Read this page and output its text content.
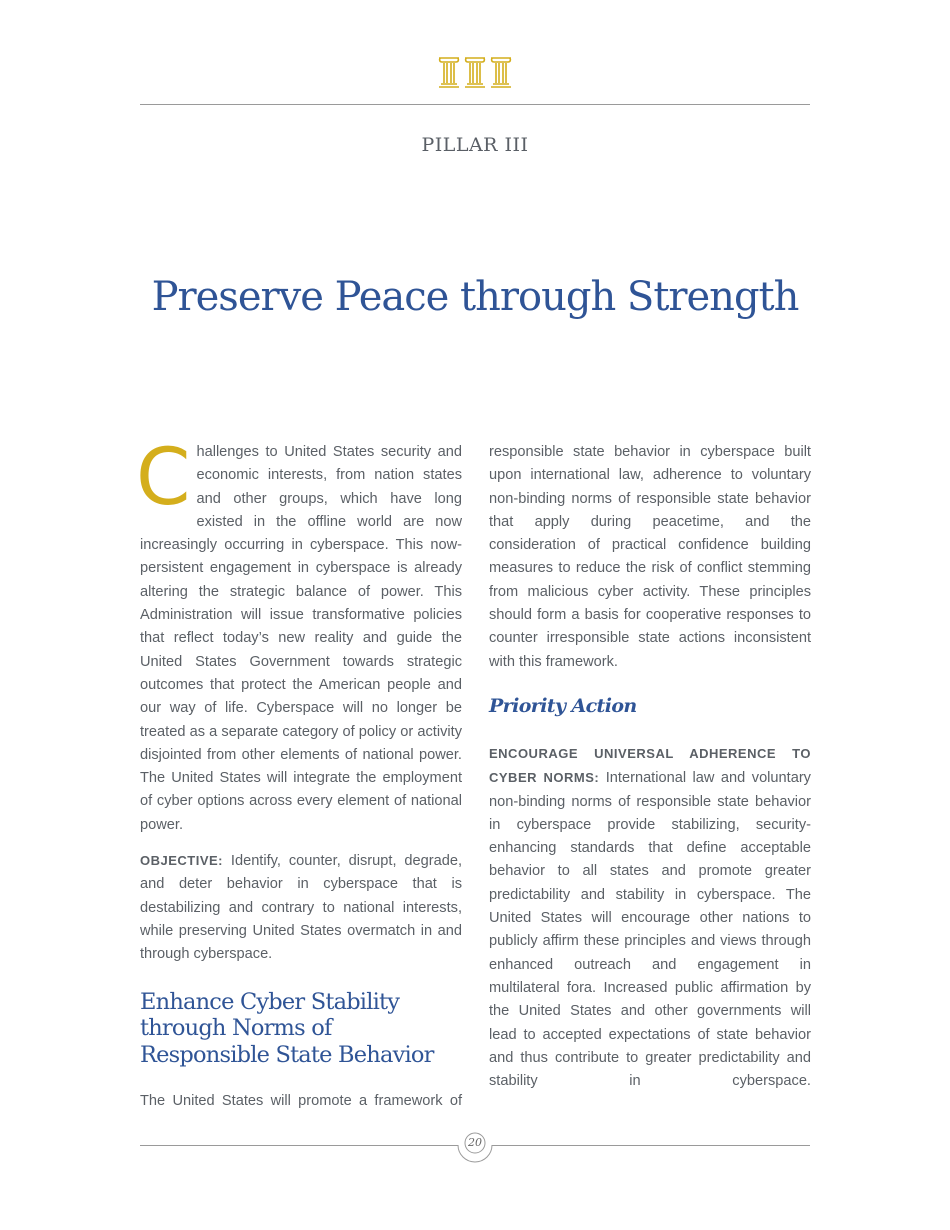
PILLAR III
Preserve Peace through Strength

Challenges to United States security and economic interests, from nation states and other groups, which have long existed in the offline world are now increasingly occurring in cyberspace. This now-persistent engagement in cyberspace is already altering the strategic balance of power. This Administration will issue transformative policies that reflect today’s new reality and guide the United States Government towards strategic outcomes that protect the American people and our way of life. Cyberspace will no longer be treated as a separate category of policy or activity disjointed from other elements of national power. The United States will integrate the employment of cyber options across every element of national power.

OBJECTIVE: Identify, counter, disrupt, degrade, and deter behavior in cyberspace that is destabilizing and contrary to national interests, while preserving United States overmatch in and through cyberspace.

Enhance Cyber Stability through Norms of Responsible State Behavior

The United States will promote a framework of

responsible state behavior in cyberspace built upon international law, adherence to voluntary non-binding norms of responsible state behavior that apply during peacetime, and the consideration of practical confidence building measures to reduce the risk of conflict stemming from malicious cyber activity. These principles should form a basis for cooperative responses to counter irresponsible state actions inconsistent with this framework.

Priority Action

ENCOURAGE UNIVERSAL ADHERENCE TO CYBER NORMS: International law and voluntary non-binding norms of responsible state behavior in cyberspace provide stabilizing, security-enhancing standards that define acceptable behavior to all states and promote greater predictability and stability in cyberspace. The United States will encourage other nations to publicly affirm these principles and views through enhanced outreach and engagement in multilateral fora. Increased public affirmation by the United States and other governments will lead to accepted expectations of state behavior and thus contribute to greater predictability and stability in cyberspace.

20
